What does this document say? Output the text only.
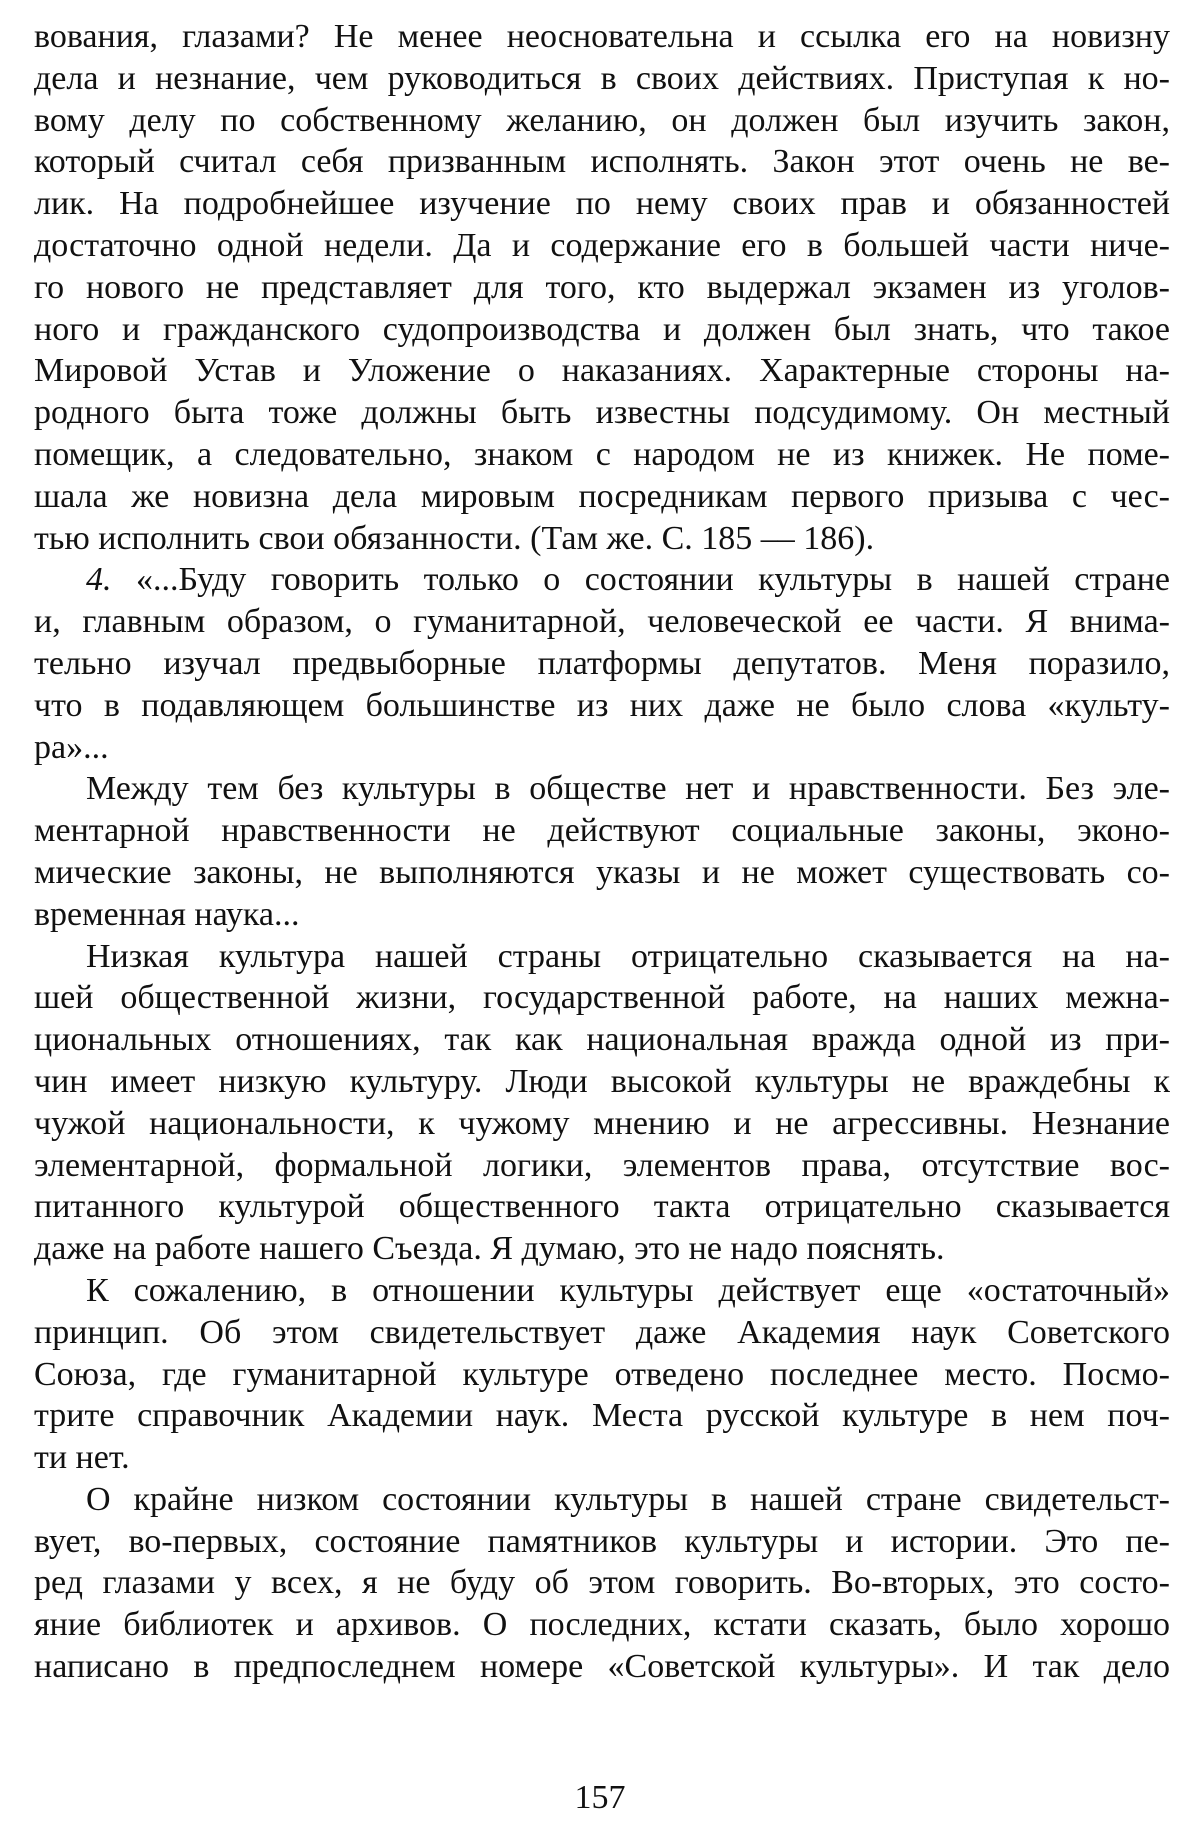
вования, глазами? Не менее неосновательна и ссылка его на новизну
дела и незнание, чем руководиться в своих действиях. Приступая к но-
вому делу по собственному желанию, он должен был изучить закон,
который считал себя призванным исполнять. Закон этот очень не ве-
лик. На подробнейшее изучение по нему своих прав и обязанностей
достаточно одной недели. Да и содержание его в большей части ниче-
го нового не представляет для того, кто выдержал экзамен из уголов-
ного и гражданского судопроизводства и должен был знать, что такое
Мировой Устав и Уложение о наказаниях. Характерные стороны на-
родного быта тоже должны быть известны подсудимому. Он местный
помещик, а следовательно, знаком с народом не из книжек. Не поме-
шала же новизна дела мировым посредникам первого призыва с чес-
тью исполнить свои обязанности. (Там же. С. 185 –– 186).
4. «...Буду говорить только о состоянии культуры в нашей стране
и, главным образом, о гуманитарной, человеческой ее части. Я внима-
тельно изучал предвыборные платформы депутатов. Меня поразило,
что в подавляющем большинстве из них даже не было слова «культу-
ра»...
Между тем без культуры в обществе нет и нравственности. Без эле-
ментарной нравственности не действуют социальные законы, эконо-
мические законы, не выполняются указы и не может существовать со-
временная наука...
Низкая культура нашей страны отрицательно сказывается на на-
шей общественной жизни, государственной работе, на наших межна-
циональных отношениях, так как национальная вражда одной из при-
чин имеет низкую культуру. Люди высокой культуры не враждебны к
чужой национальности, к чужому мнению и не агрессивны. Незнание
элементарной, формальной логики, элементов права, отсутствие вос-
питанного культурой общественного такта отрицательно сказывается
даже на работе нашего Съезда. Я думаю, это не надо пояснять.
К сожалению, в отношении культуры действует еще «остаточный»
принцип. Об этом свидетельствует даже Академия наук Советского
Союза, где гуманитарной культуре отведено последнее место. Посмо-
трите справочник Академии наук. Места русской культуре в нем поч-
ти нет.
О крайне низком состоянии культуры в нашей стране свидетельст-
вует, во-первых, состояние памятников культуры и истории. Это пе-
ред глазами у всех, я не буду об этом говорить. Во-вторых, это состо-
яние библиотек и архивов. О последних, кстати сказать, было хорошо
написано в предпоследнем номере «Советской культуры». И так дело
157
